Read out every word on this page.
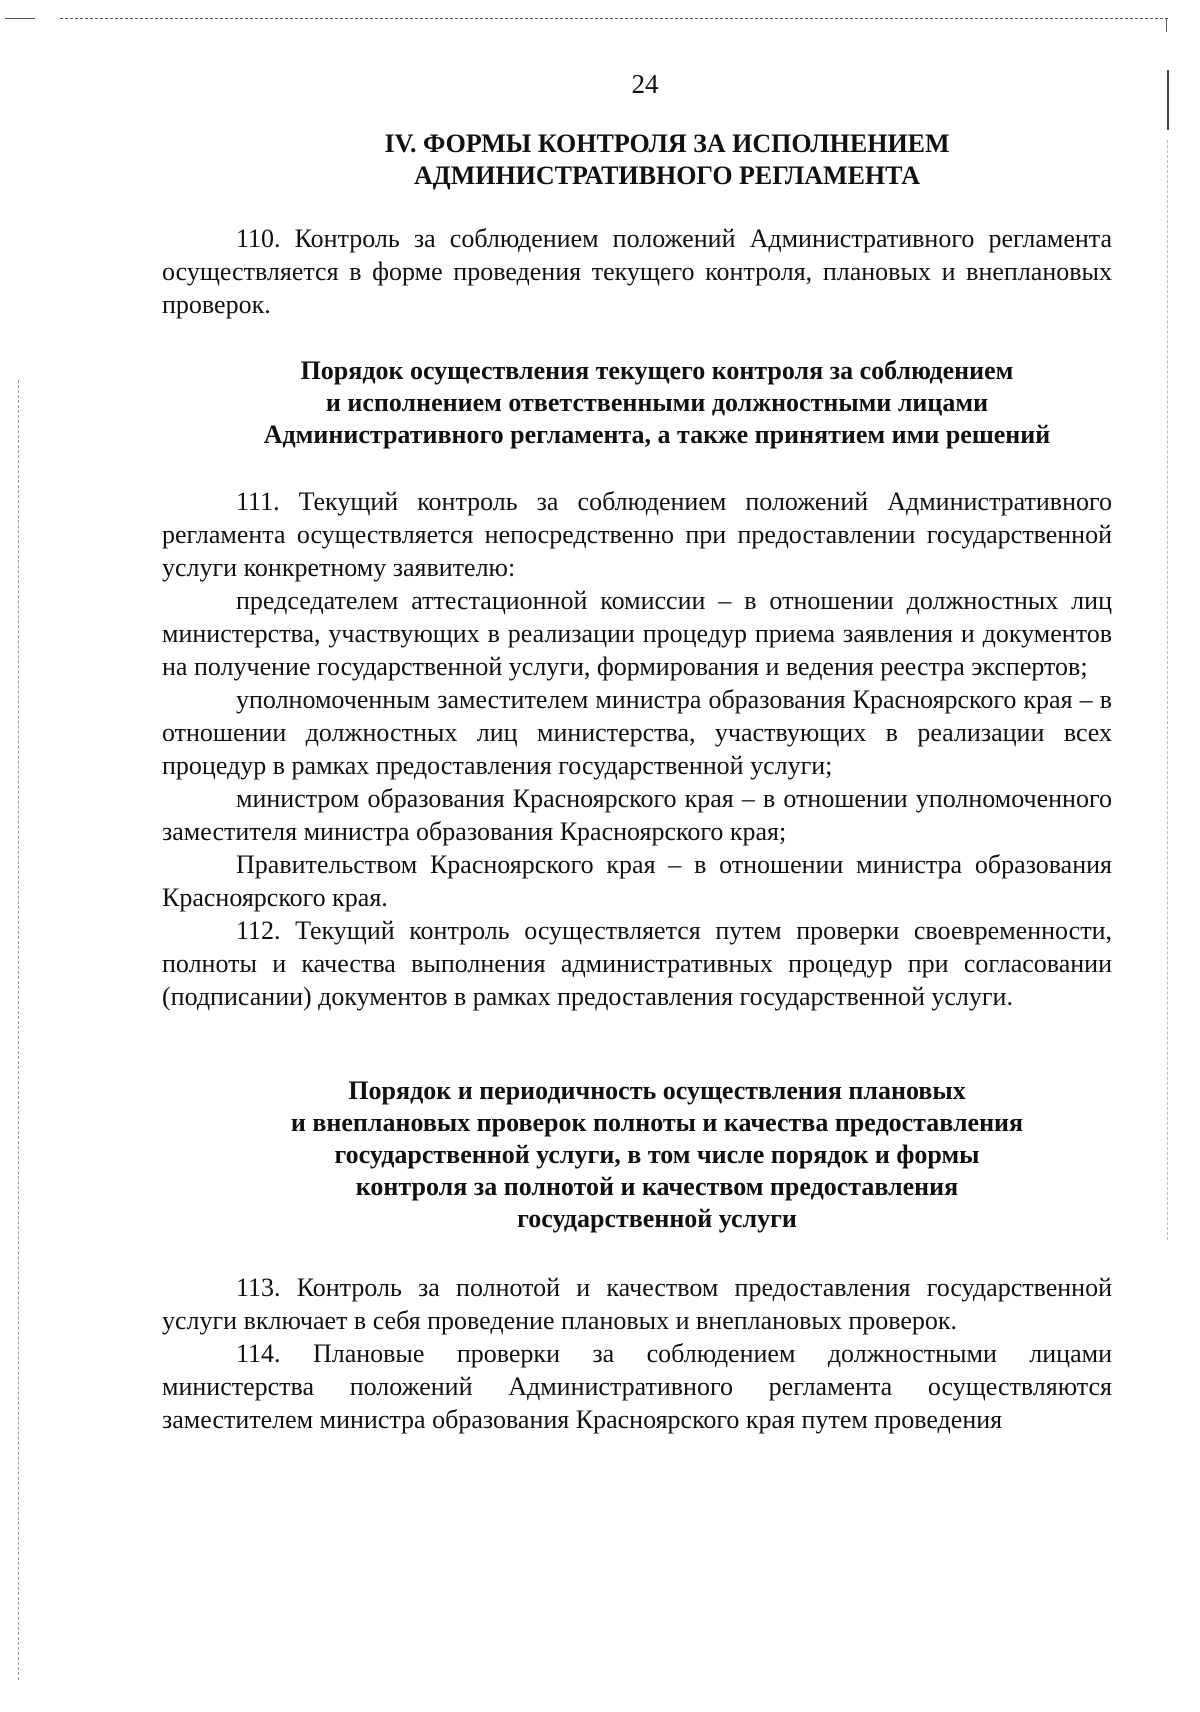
24
IV. ФОРМЫ КОНТРОЛЯ ЗА ИСПОЛНЕНИЕМ
АДМИНИСТРАТИВНОГО РЕГЛАМЕНТА

110. Контроль за соблюдением положений Административного регламента осуществляется в форме проведения текущего контроля, плановых и внеплановых проверок.

Порядок осуществления текущего контроля за соблюдением
и исполнением ответственными должностными лицами
Административного регламента, а также принятием ими решений

111. Текущий контроль за соблюдением положений Административного регламента осуществляется непосредственно при предоставлении государственной услуги конкретному заявителю:

председателем аттестационной комиссии – в отношении должностных лиц министерства, участвующих в реализации процедур приема заявления и документов на получение государственной услуги, формирования и ведения реестра экспертов;

уполномоченным заместителем министра образования Красноярского края – в отношении должностных лиц министерства, участвующих в реализации всех процедур в рамках предоставления государственной услуги;

министром образования Красноярского края – в отношении уполномоченного заместителя министра образования Красноярского края;

Правительством Красноярского края – в отношении министра образования Красноярского края.

112. Текущий контроль осуществляется путем проверки своевременности, полноты и качества выполнения административных процедур при согласовании (подписании) документов в рамках предоставления государственной услуги.

Порядок и периодичность осуществления плановых
и внеплановых проверок полноты и качества предоставления
государственной услуги, в том числе порядок и формы
контроля за полнотой и качеством предоставления
государственной услуги

113. Контроль за полнотой и качеством предоставления государственной услуги включает в себя проведение плановых и внеплановых проверок.

114. Плановые проверки за соблюдением должностными лицами министерства положений Административного регламента осуществляются заместителем министра образования Красноярского края путем проведения
